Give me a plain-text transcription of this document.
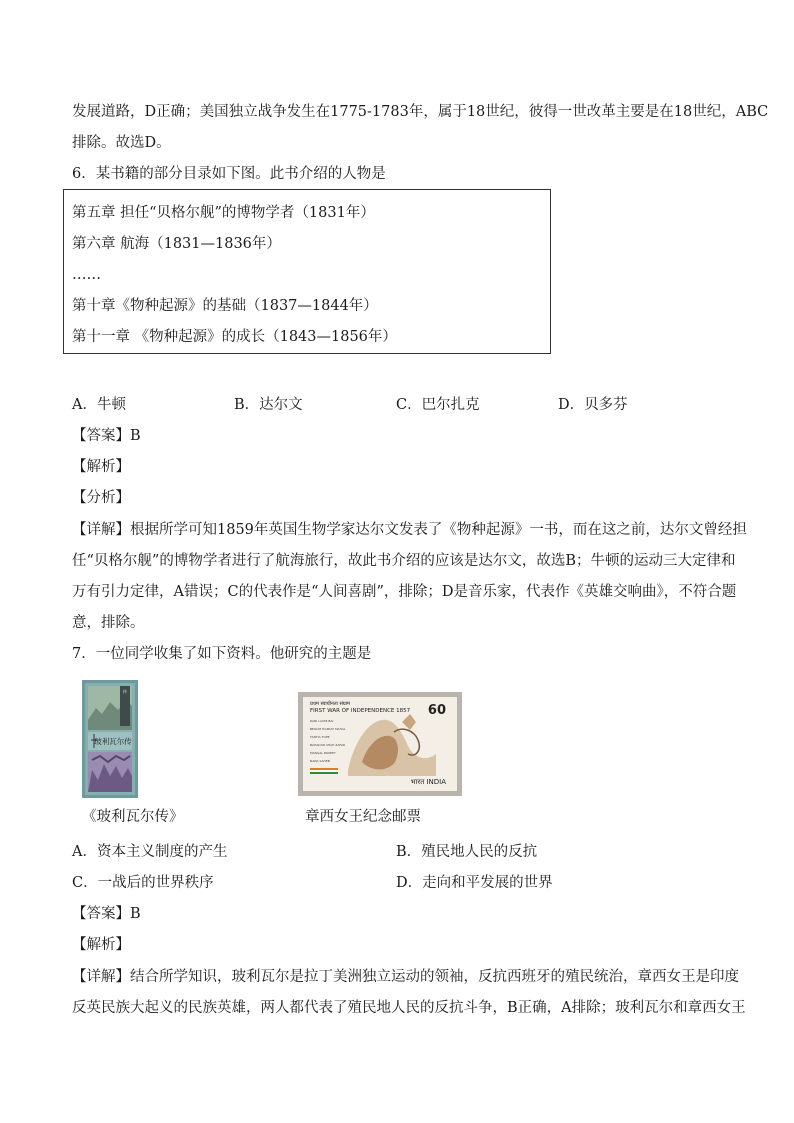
发展道路，D正确；美国独立战争发生在1775-1783年，属于18世纪，彼得一世改革主要是在18世纪，ABC
排除。故选D。
6．某书籍的部分目录如下图。此书介绍的人物是
第五章 担任“贝格尔舰”的博物学者（1831年）
第六章 航海（1831—1836年）
……
第十章《物种起源》的基础（1837—1844年）
第十一章 《物种起源》的成长（1843—1856年）
A．牛顿	B．达尔文	C．巴尔扎克	D．贝多芬
【答案】B
【解析】
【分析】
【详解】根据所学可知1859年英国生物学家达尔文发表了《物种起源》一书，而在这之前，达尔文曾经担
任“贝格尔舰”的博物学者进行了航海旅行，故此书介绍的应该是达尔文，故选B；牛顿的运动三大定律和
万有引力定律，A错误；C的代表作是“人间喜剧”，排除；D是音乐家，代表作《英雄交响曲》，不符合题
意，排除。
7．一位同学收集了如下资料。他研究的主题是
传
玻利瓦尔传
प्रथम स्वाधीनता संग्राम
FIRST WAR OF INDEPENDENCE 1857 60
RANI LAXMI BAI
BEGUM HAZRAT MAHAL
TANTIA TOPE
BAHADUR SHAH ZAFAR
MANGAL PANDEY
NANA SAHEB
भारत INDIA
《玻利瓦尔传》	章西女王纪念邮票
A．资本主义制度的产生	B．殖民地人民的反抗
C．一战后的世界秩序	D．走向和平发展的世界
【答案】B
【解析】
【详解】结合所学知识，玻利瓦尔是拉丁美洲独立运动的领袖，反抗西班牙的殖民统治，章西女王是印度
反英民族大起义的民族英雄，两人都代表了殖民地人民的反抗斗争，B正确，A排除；玻利瓦尔和章西女王
